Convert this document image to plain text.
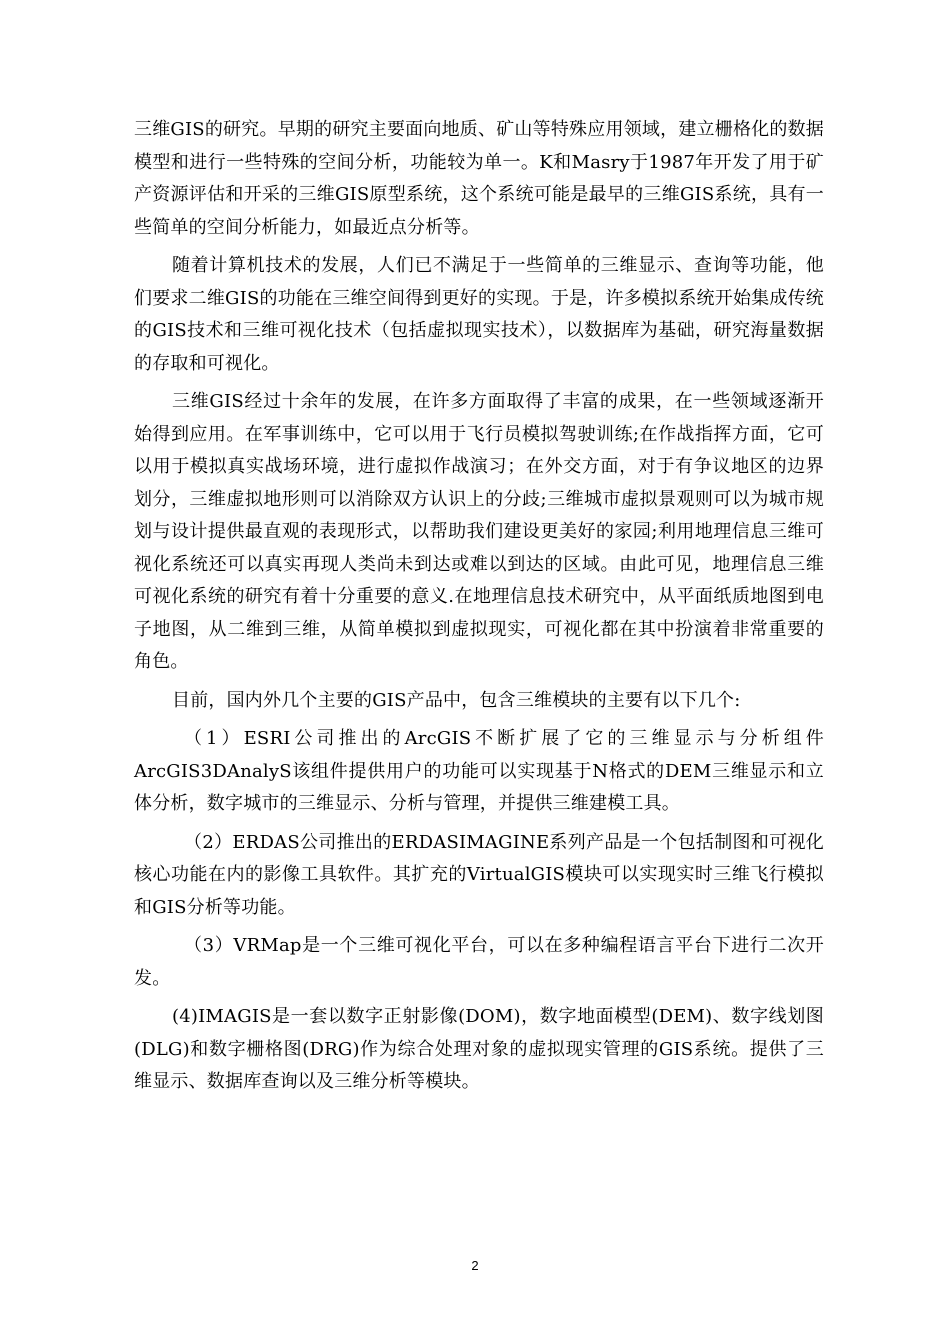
三维GIS的研究。早期的研究主要面向地质、矿山等特殊应用领域，建立栅格化的数据模型和进行一些特殊的空间分析，功能较为单一。K和Masry于1987年开发了用于矿产资源评估和开采的三维GIS原型系统，这个系统可能是最早的三维GIS系统，具有一些简单的空间分析能力，如最近点分析等。

随着计算机技术的发展，人们已不满足于一些简单的三维显示、查询等功能，他们要求二维GIS的功能在三维空间得到更好的实现。于是，许多模拟系统开始集成传统的GIS技术和三维可视化技术（包括虚拟现实技术），以数据库为基础，研究海量数据的存取和可视化。

三维GIS经过十余年的发展，在许多方面取得了丰富的成果，在一些领域逐渐开始得到应用。在军事训练中，它可以用于飞行员模拟驾驶训练;在作战指挥方面，它可以用于模拟真实战场环境，进行虚拟作战演习；在外交方面，对于有争议地区的边界划分，三维虚拟地形则可以消除双方认识上的分歧;三维城市虚拟景观则可以为城市规划与设计提供最直观的表现形式，以帮助我们建设更美好的家园;利用地理信息三维可视化系统还可以真实再现人类尚未到达或难以到达的区域。由此可见，地理信息三维可视化系统的研究有着十分重要的意义.在地理信息技术研究中，从平面纸质地图到电子地图，从二维到三维，从简单模拟到虚拟现实，可视化都在其中扮演着非常重要的角色。

目前，国内外几个主要的GIS产品中，包含三维模块的主要有以下几个:

（1）ESRI公司推出的ArcGIS不断扩展了它的三维显示与分析组件ArcGIS3DAnalyS该组件提供用户的功能可以实现基于N格式的DEM三维显示和立体分析，数字城市的三维显示、分析与管理，并提供三维建模工具。

（2）ERDAS公司推出的ERDASIMAGINE系列产品是一个包括制图和可视化核心功能在内的影像工具软件。其扩充的VirtualGIS模块可以实现实时三维飞行模拟和GIS分析等功能。

（3）VRMap是一个三维可视化平台，可以在多种编程语言平台下进行二次开发。

(4)IMAGIS是一套以数字正射影像(DOM)，数字地面模型(DEM)、数字线划图(DLG)和数字栅格图(DRG)作为综合处理对象的虚拟现实管理的GIS系统。提供了三维显示、数据库查询以及三维分析等模块。

2
